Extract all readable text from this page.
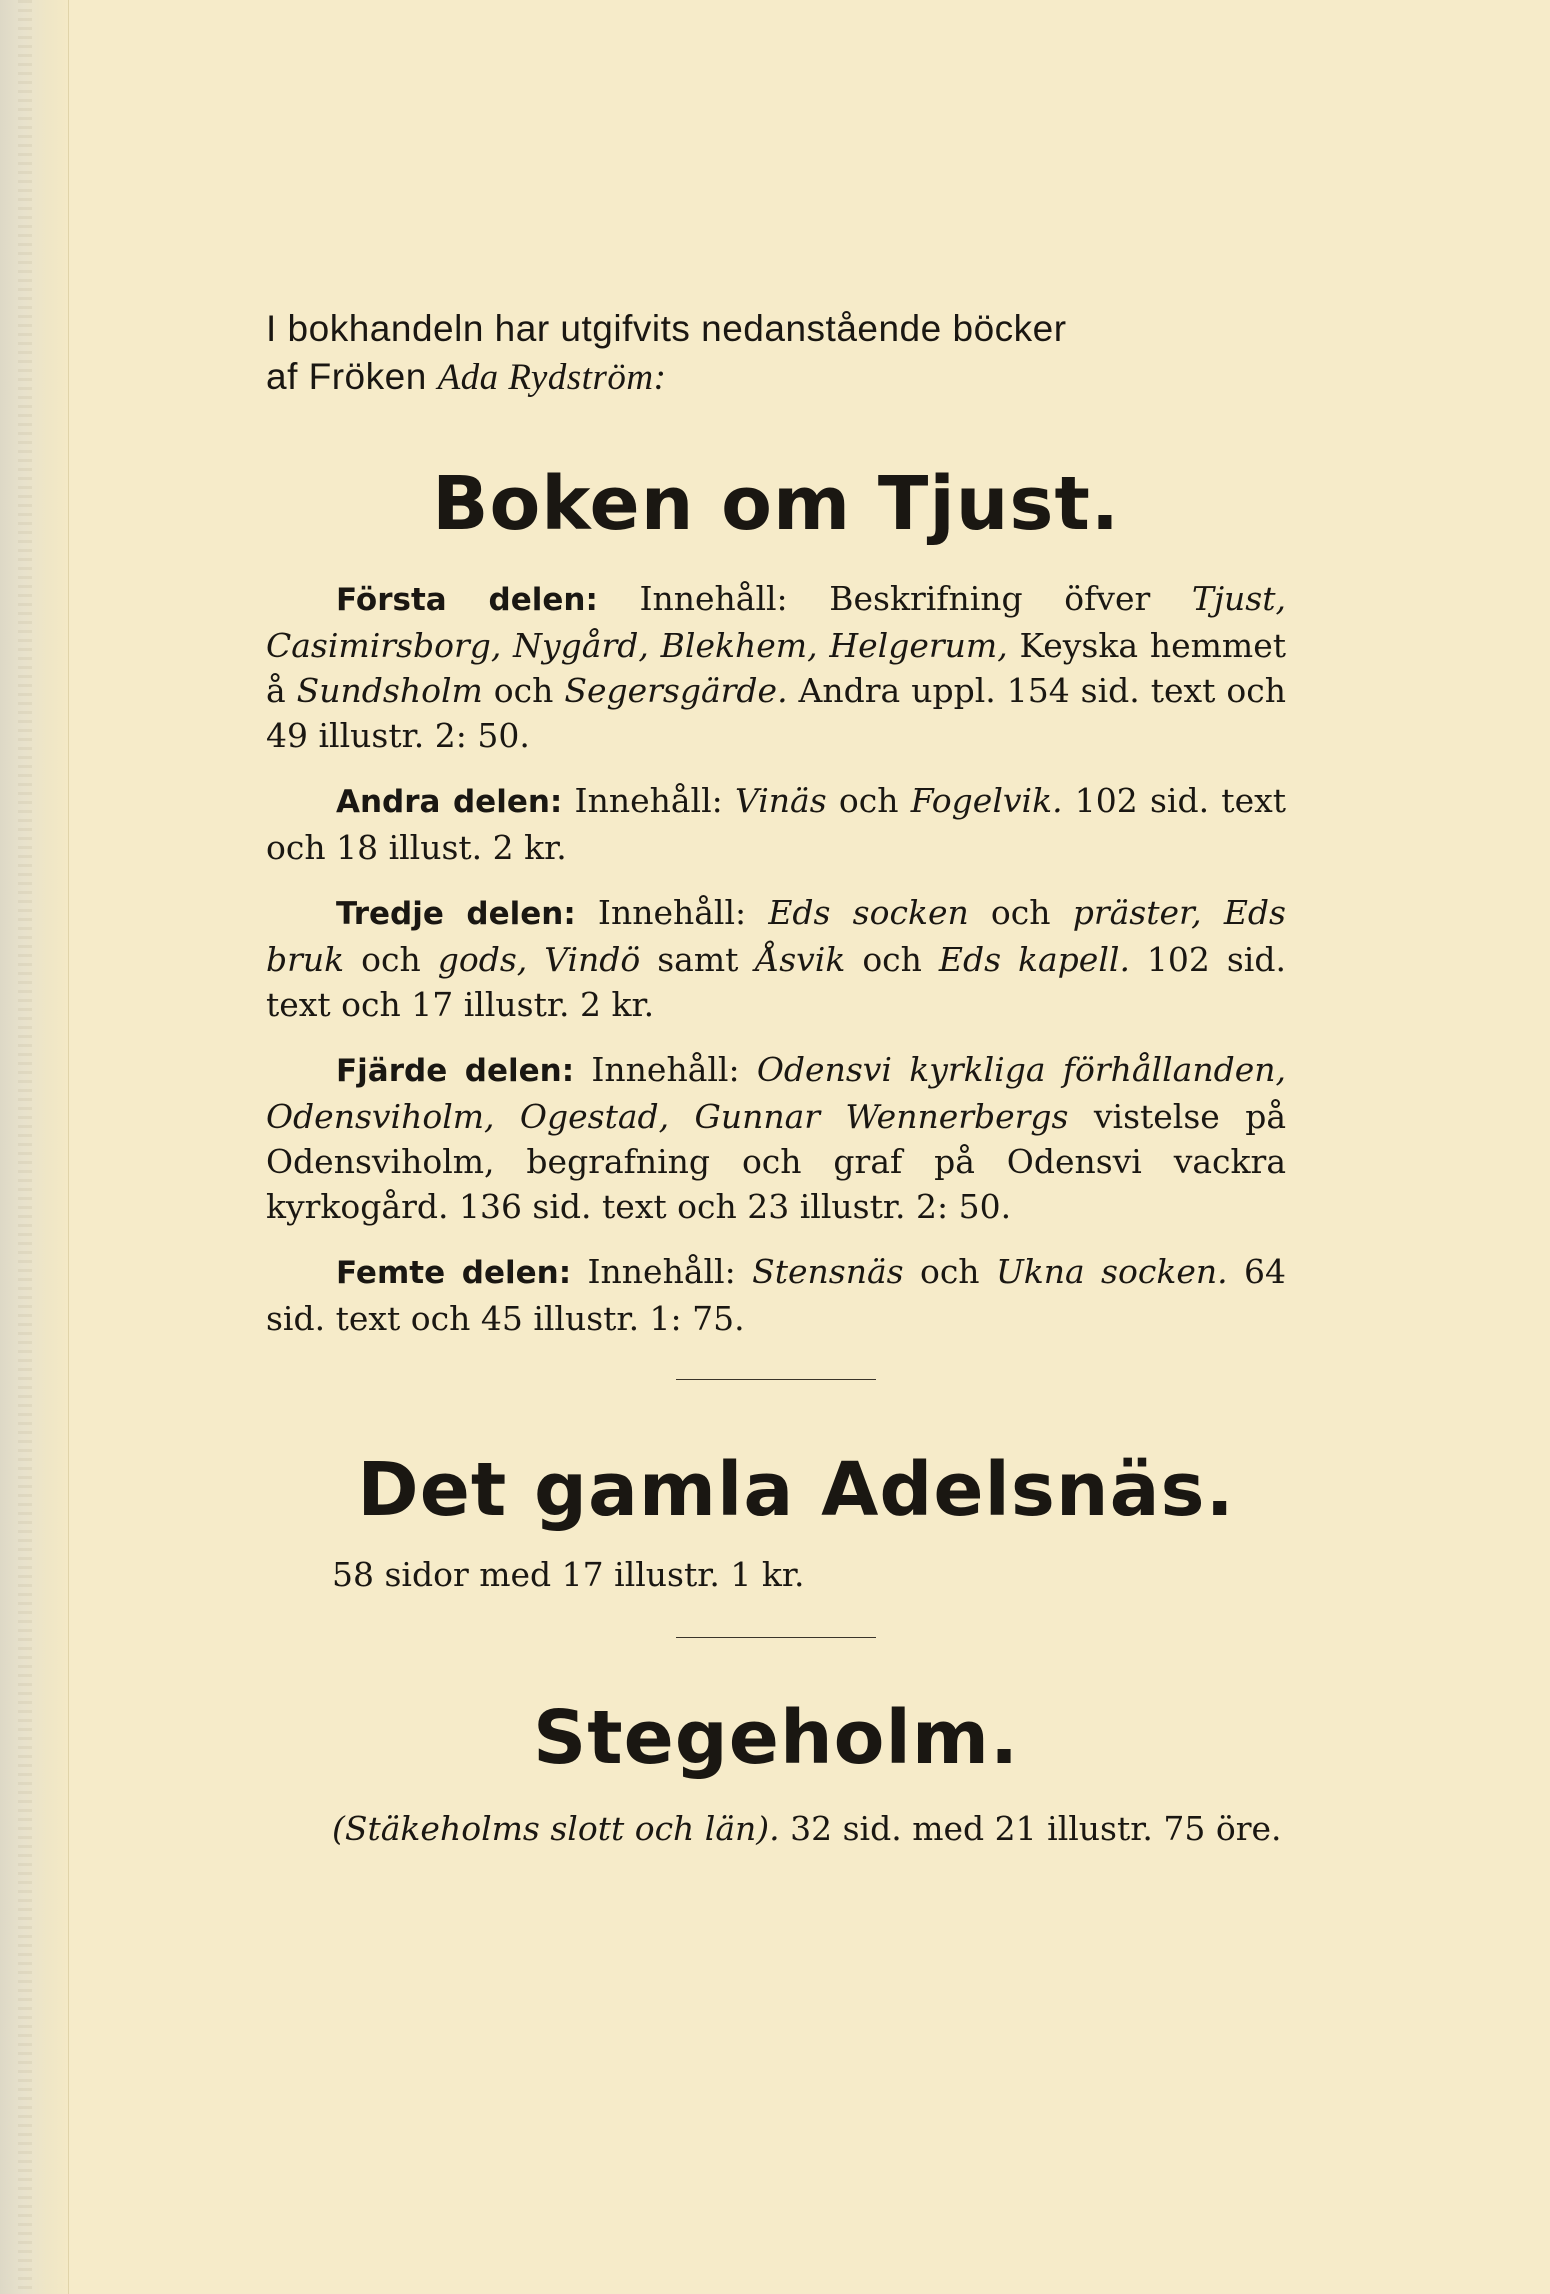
I bokhandeln har utgifvits nedanstående böcker
af Fröken Ada Rydström:

Boken om Tjust.

Första delen: Innehåll: Beskrifning öfver Tjust, Casimirsborg, Nygård, Blekhem, Helgerum, Keyska hemmet å Sundsholm och Segersgärde. Andra uppl. 154 sid. text och 49 illustr. 2: 50.

Andra delen: Innehåll: Vinäs och Fogelvik. 102 sid. text och 18 illust. 2 kr.

Tredje delen: Innehåll: Eds socken och präster, Eds bruk och gods, Vindö samt Åsvik och Eds kapell. 102 sid. text och 17 illustr. 2 kr.

Fjärde delen: Innehåll: Odensvi kyrkliga förhållanden, Odensviholm, Ogestad, Gunnar Wennerbergs vistelse på Odensviholm, begrafning och graf på Odensvi vackra kyrkogård. 136 sid. text och 23 illustr. 2: 50.

Femte delen: Innehåll: Stensnäs och Ukna socken. 64 sid. text och 45 illustr. 1: 75.

Det gamla Adelsnäs.

58 sidor med 17 illustr. 1 kr.

Stegeholm.

(Stäkeholms slott och län). 32 sid. med 21 illustr. 75 öre.
